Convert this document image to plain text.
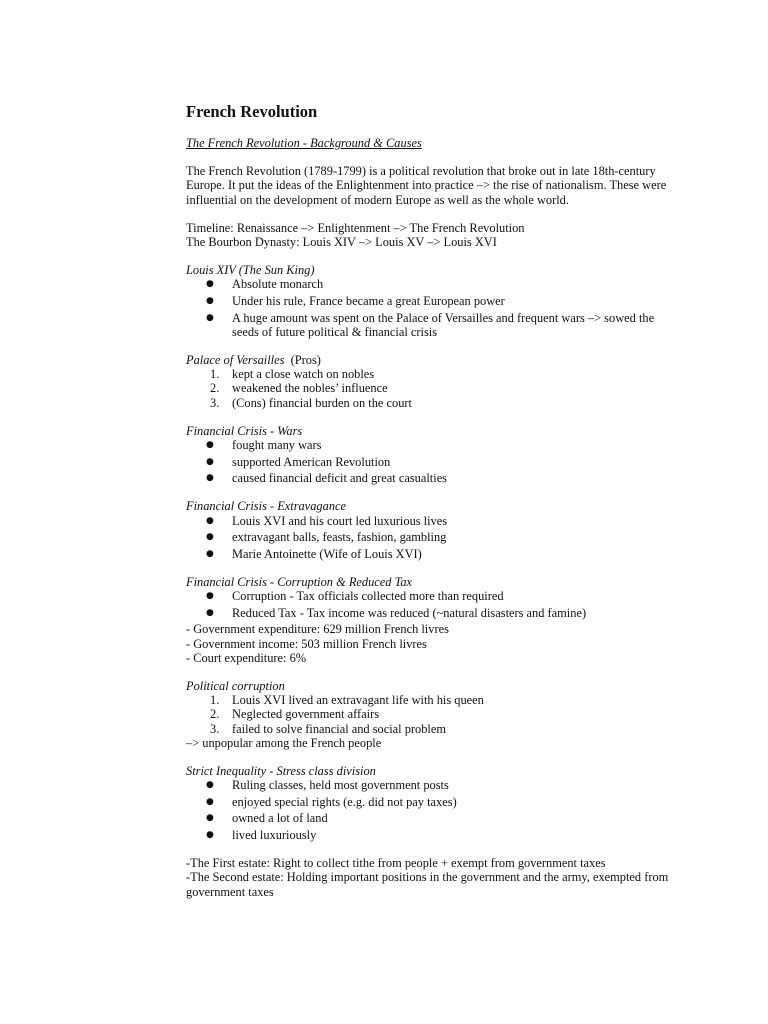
French Revolution

The French Revolution - Background & Causes

The French Revolution (1789-1799) is a political revolution that broke out in late 18th-century Europe. It put the ideas of the Enlightenment into practice –> the rise of nationalism. These were influential on the development of modern Europe as well as the whole world.

Timeline: Renaissance –> Enlightenment –> The French Revolution

The Bourbon Dynasty: Louis XIV –> Louis XV –> Louis XVI

Louis XIV (The Sun King)

● Absolute monarch
● Under his rule, France became a great European power
● A huge amount was spent on the Palace of Versailles and frequent wars –> sowed the seeds of future political & financial crisis

Palace of Versailles  (Pros)

1. kept a close watch on nobles
2. weakened the nobles’ influence
3. (Cons) financial burden on the court

Financial Crisis - Wars

● fought many wars
● supported American Revolution
● caused financial deficit and great casualties

Financial Crisis - Extravagance

● Louis XVI and his court led luxurious lives
● extravagant balls, feasts, fashion, gambling
● Marie Antoinette (Wife of Louis XVI)

Financial Crisis - Corruption & Reduced Tax

● Corruption - Tax officials collected more than required
● Reduced Tax - Tax income was reduced (~natural disasters and famine)

- Government expenditure: 629 million French livres

- Government income: 503 million French livres

- Court expenditure: 6%

Political corruption

1. Louis XVI lived an extravagant life with his queen
2. Neglected government affairs
3. failed to solve financial and social problem

–> unpopular among the French people

Strict Inequality - Stress class division

● Ruling classes, held most government posts
● enjoyed special rights (e.g. did not pay taxes)
● owned a lot of land
● lived luxuriously

-The First estate: Right to collect tithe from people + exempt from government taxes

-The Second estate: Holding important positions in the government and the army, exempted from government taxes
